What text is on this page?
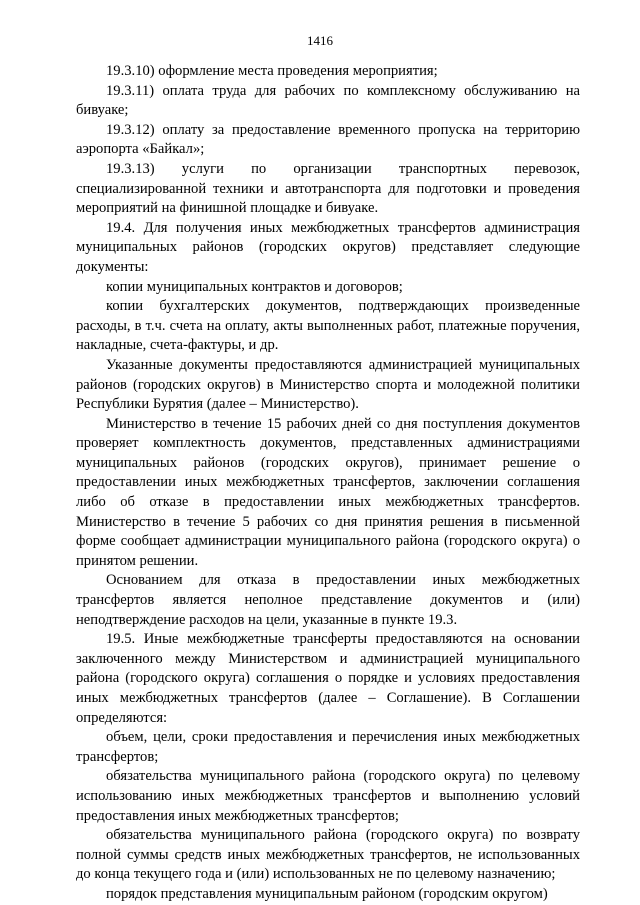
1416

19.3.10) оформление места проведения мероприятия;

19.3.11) оплата труда для рабочих по комплексному обслуживанию на бивуаке;

19.3.12) оплату за предоставление временного пропуска на территорию аэропорта «Байкал»;

19.3.13) услуги по организации транспортных перевозок, специализированной техники и автотранспорта для подготовки и проведения мероприятий на финишной площадке и бивуаке.

19.4. Для получения иных межбюджетных трансфертов администрация муниципальных районов (городских округов) представляет следующие документы:

копии муниципальных контрактов и договоров;

копии бухгалтерских документов, подтверждающих произведенные расходы, в т.ч. счета на оплату, акты выполненных работ, платежные поручения, накладные, счета-фактуры, и др.

Указанные документы предоставляются администрацией муниципальных районов (городских округов) в Министерство спорта и молодежной политики Республики Бурятия (далее – Министерство).

Министерство в течение 15 рабочих дней со дня поступления документов проверяет комплектность документов, представленных администрациями муниципальных районов (городских округов), принимает решение о предоставлении иных межбюджетных трансфертов, заключении соглашения либо об отказе в предоставлении иных межбюджетных трансфертов. Министерство в течение 5 рабочих со дня принятия решения в письменной форме сообщает администрации муниципального района (городского округа) о принятом решении.

Основанием для отказа в предоставлении иных межбюджетных трансфертов является неполное представление документов и (или) неподтверждение расходов на цели, указанные в пункте 19.3.

19.5. Иные межбюджетные трансферты предоставляются на основании заключенного между Министерством и администрацией муниципального района (городского округа) соглашения о порядке и условиях предоставления иных межбюджетных трансфертов (далее – Соглашение). В Соглашении определяются:

объем, цели, сроки предоставления и перечисления иных межбюджетных трансфертов;

обязательства муниципального района (городского округа) по целевому использованию иных межбюджетных трансфертов и выполнению условий предоставления иных межбюджетных трансфертов;

обязательства муниципального района (городского округа) по возврату полной суммы средств иных межбюджетных трансфертов, не использованных до конца текущего года и (или) использованных не по целевому назначению;

порядок представления муниципальным районом (городским округом)
